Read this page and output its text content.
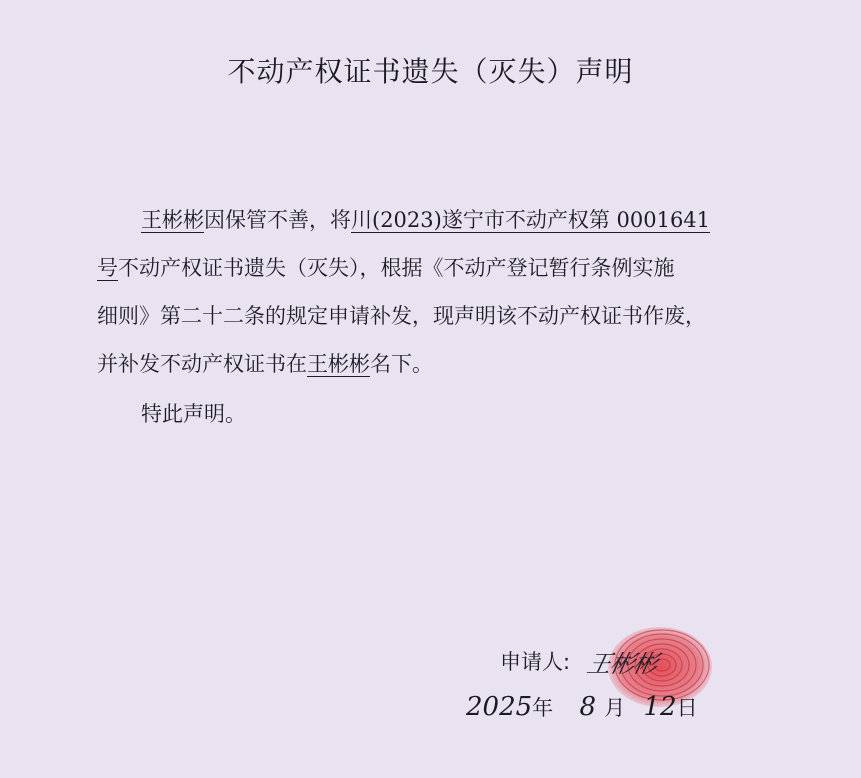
不动产权证书遗失（灭失）声明
王彬彬因保管不善，将川(2023)遂宁市不动产权第 0001641
号不动产权证书遗失（灭失），根据《不动产登记暂行条例实施
细则》第二十二条的规定申请补发，现声明该不动产权证书作废，
并补发不动产权证书在王彬彬名下。
特此声明。
申请人: 王彬彬
2025年 8 月 12日
